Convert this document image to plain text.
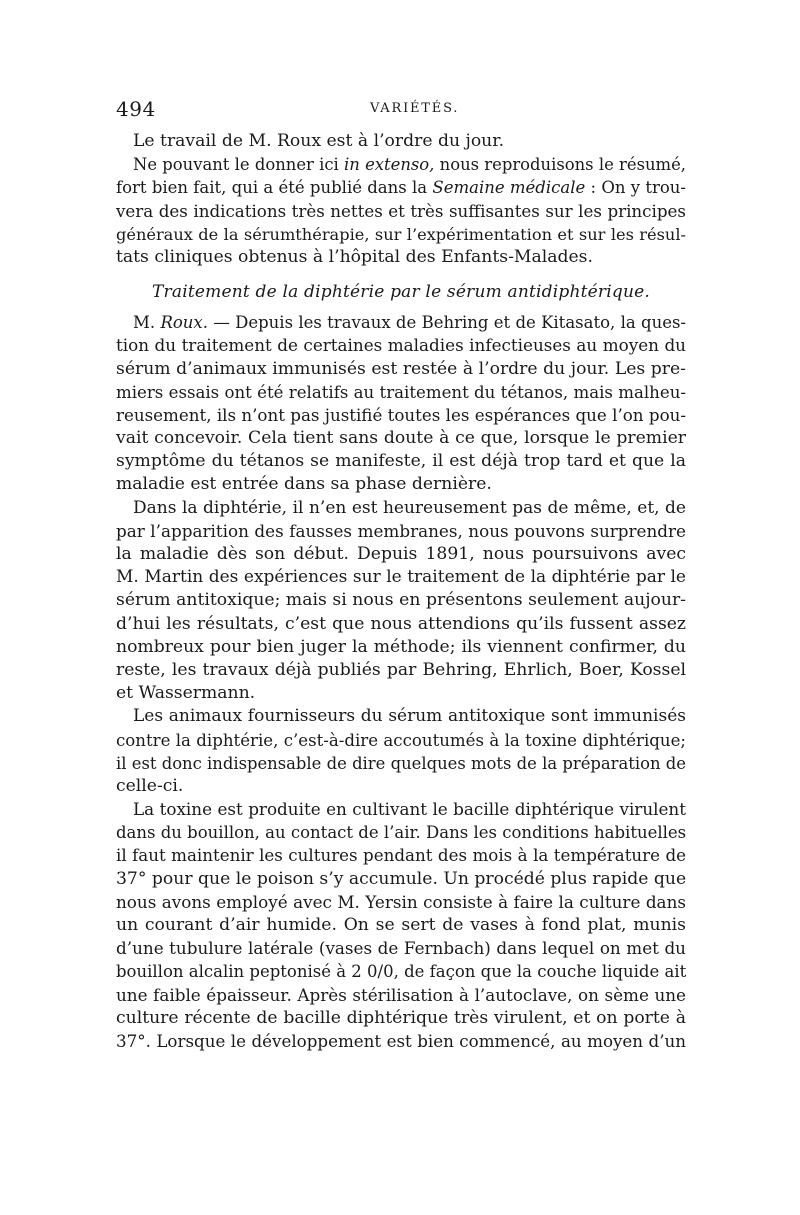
494	VARIÉTÉS.
Le travail de M. Roux est à l’ordre du jour.
Ne pouvant le donner ici in extenso, nous reproduisons le résumé,
fort bien fait, qui a été publié dans la Semaine médicale : On y trou-
vera des indications très nettes et très suffisantes sur les principes
généraux de la sérumthérapie, sur l’expérimentation et sur les résul-
tats cliniques obtenus à l’hôpital des Enfants-Malades.
Traitement de la diphtérie par le sérum antidiphtérique.
M. Roux. — Depuis les travaux de Behring et de Kitasato, la ques-
tion du traitement de certaines maladies infectieuses au moyen du
sérum d’animaux immunisés est restée à l’ordre du jour. Les pre-
miers essais ont été relatifs au traitement du tétanos, mais malheu-
reusement, ils n’ont pas justifié toutes les espérances que l’on pou-
vait concevoir. Cela tient sans doute à ce que, lorsque le premier
symptôme du tétanos se manifeste, il est déjà trop tard et que la
maladie est entrée dans sa phase dernière.
Dans la diphtérie, il n’en est heureusement pas de même, et, de
par l’apparition des fausses membranes, nous pouvons surprendre
la maladie dès son début. Depuis 1891, nous poursuivons avec
M. Martin des expériences sur le traitement de la diphtérie par le
sérum antitoxique; mais si nous en présentons seulement aujour-
d’hui les résultats, c’est que nous attendions qu’ils fussent assez
nombreux pour bien juger la méthode; ils viennent confirmer, du
reste, les travaux déjà publiés par Behring, Ehrlich, Boer, Kossel
et Wassermann.
Les animaux fournisseurs du sérum antitoxique sont immunisés
contre la diphtérie, c’est-à-dire accoutumés à la toxine diphtérique;
il est donc indispensable de dire quelques mots de la préparation de
celle-ci.
La toxine est produite en cultivant le bacille diphtérique virulent
dans du bouillon, au contact de l’air. Dans les conditions habituelles
il faut maintenir les cultures pendant des mois à la température de
37° pour que le poison s’y accumule. Un procédé plus rapide que
nous avons employé avec M. Yersin consiste à faire la culture dans
un courant d’air humide. On se sert de vases à fond plat, munis
d’une tubulure latérale (vases de Fernbach) dans lequel on met du
bouillon alcalin peptonisé à 2 0/0, de façon que la couche liquide ait
une faible épaisseur. Après stérilisation à l’autoclave, on sème une
culture récente de bacille diphtérique très virulent, et on porte à
37°. Lorsque le développement est bien commencé, au moyen d’un
